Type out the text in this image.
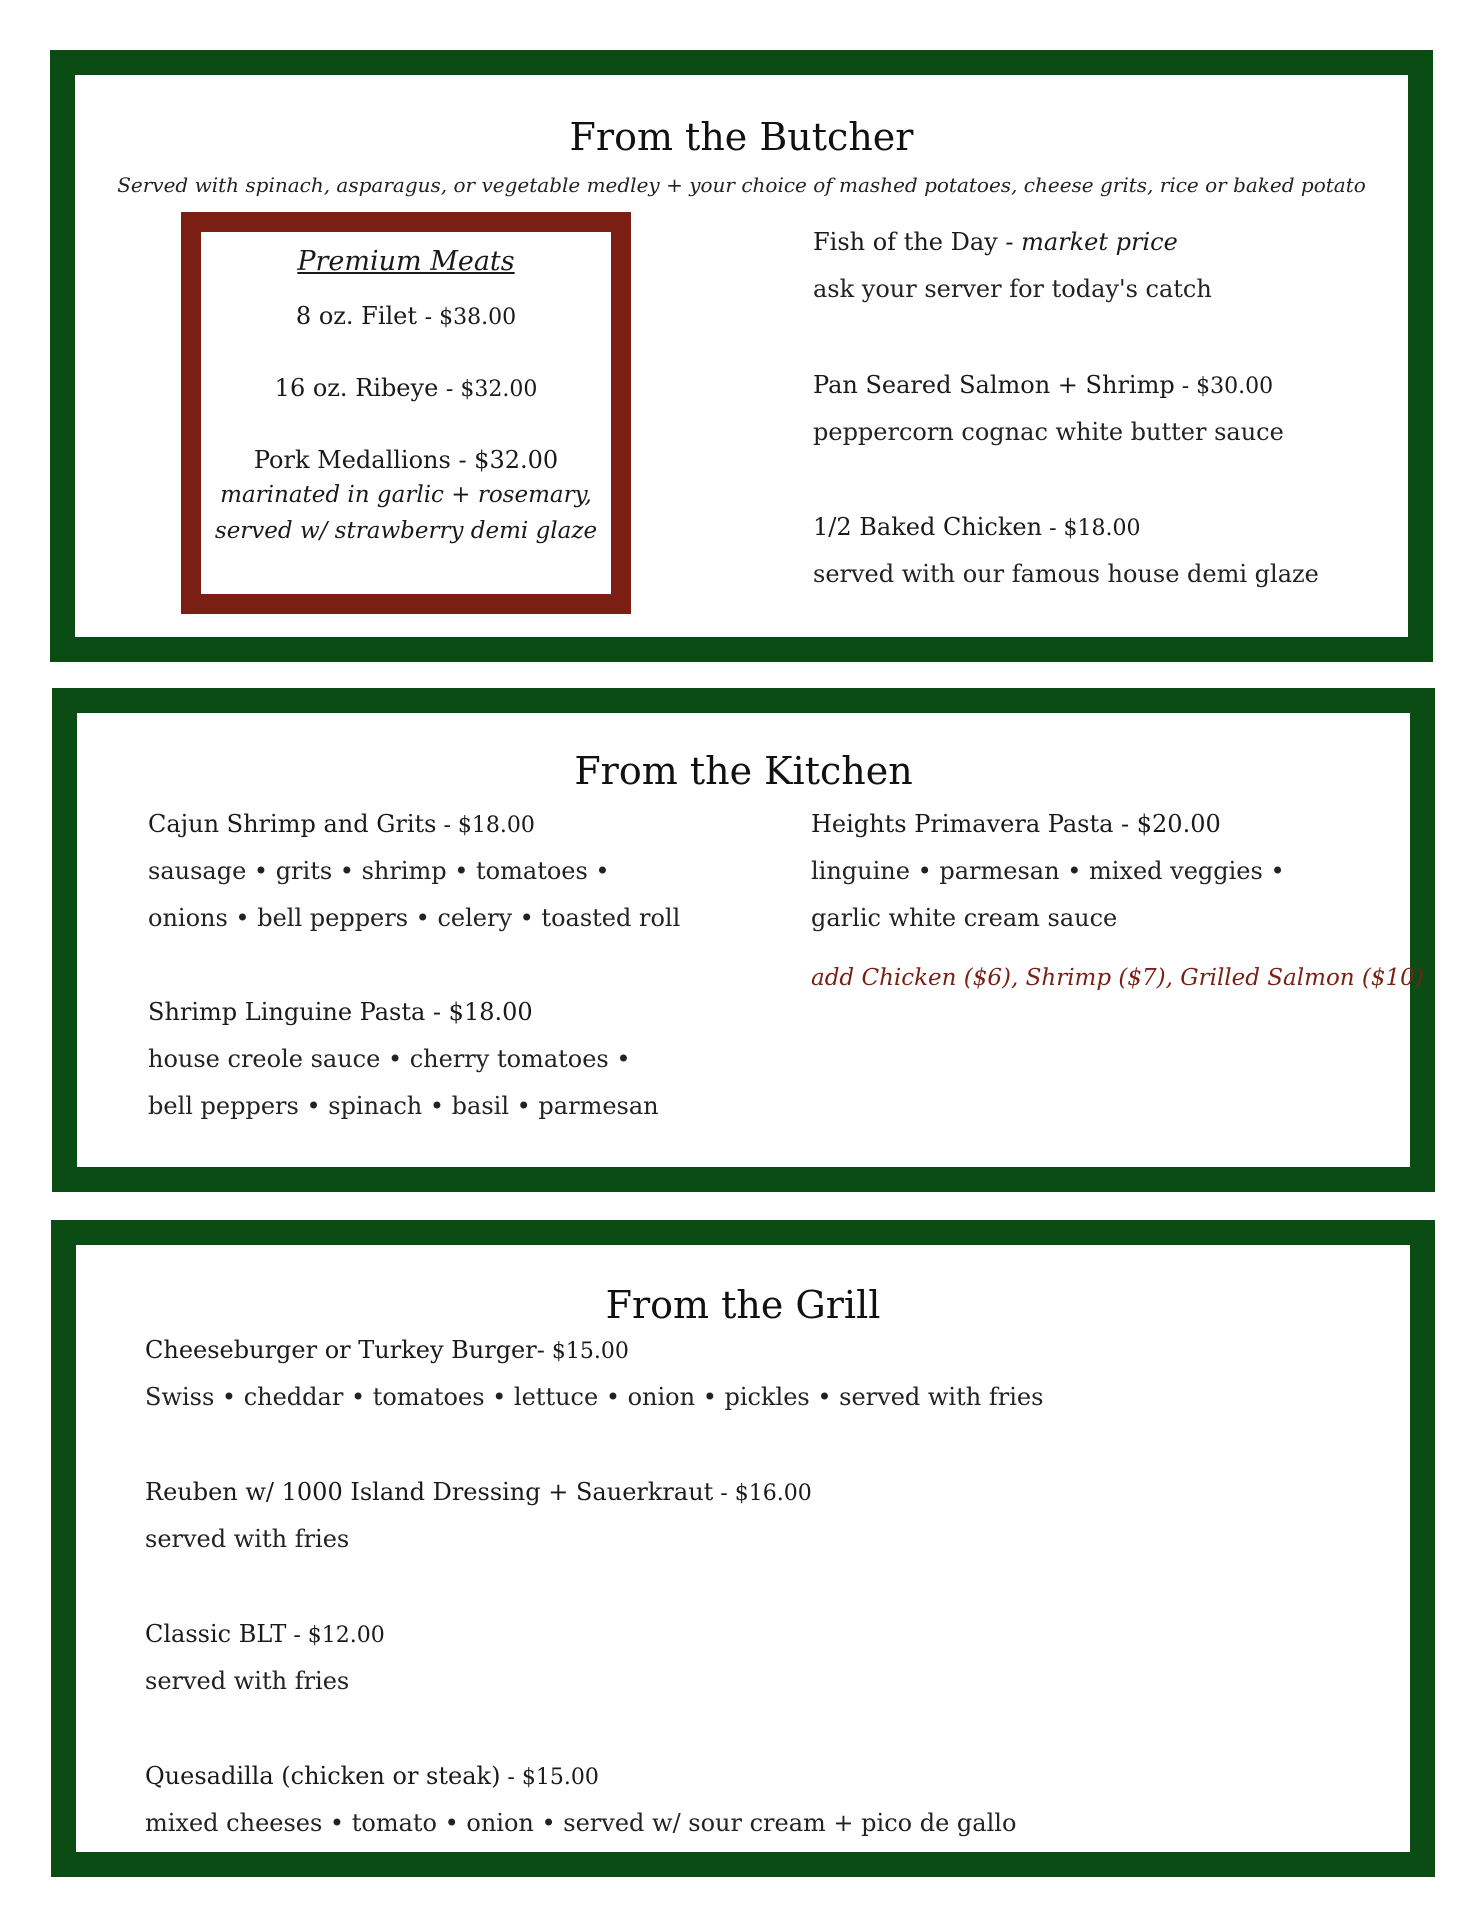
From the Butcher
Served with spinach, asparagus, or vegetable medley + your choice of mashed potatoes, cheese grits, rice or baked potato
Premium Meats
8 oz. Filet - $38.00
16 oz. Ribeye - $32.00
Pork Medallions - $32.00
marinated in garlic + rosemary,
served w/ strawberry demi glaze
Fish of the Day - market price
ask your server for today's catch
Pan Seared Salmon + Shrimp - $30.00
peppercorn cognac white butter sauce
1/2 Baked Chicken - $18.00
served with our famous house demi glaze
From the Kitchen
Cajun Shrimp and Grits - $18.00
sausage • grits • shrimp • tomatoes •
onions • bell peppers • celery • toasted roll
Shrimp Linguine Pasta - $18.00
house creole sauce • cherry tomatoes •
bell peppers • spinach • basil • parmesan
Heights Primavera Pasta - $20.00
linguine • parmesan • mixed veggies •
garlic white cream sauce
add Chicken ($6), Shrimp ($7), Grilled Salmon ($10)
From the Grill
Cheeseburger or Turkey Burger- $15.00
Swiss • cheddar • tomatoes • lettuce • onion • pickles • served with fries
Reuben w/ 1000 Island Dressing + Sauerkraut - $16.00
served with fries
Classic BLT - $12.00
served with fries
Quesadilla (chicken or steak) - $15.00
mixed cheeses • tomato • onion • served w/ sour cream + pico de gallo
